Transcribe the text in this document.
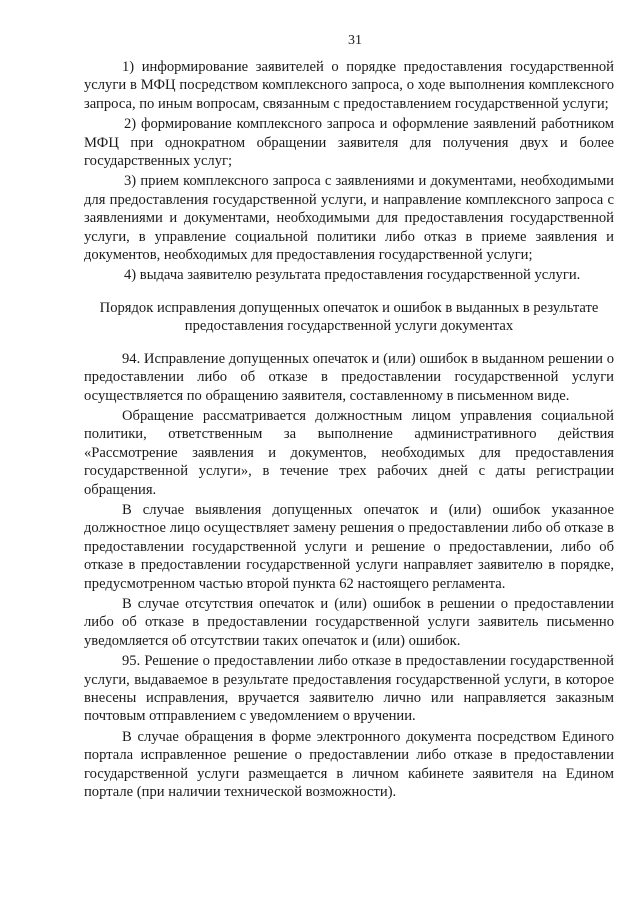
31

1) информирование заявителей о порядке предоставления государственной услуги в МФЦ посредством комплексного запроса, о ходе выполнения комплексного запроса, по иным вопросам, связанным с предоставлением государственной услуги;

2) формирование комплексного запроса и оформление заявлений работником МФЦ при однократном обращении заявителя для получения двух и более государственных услуг;

3) прием комплексного запроса с заявлениями и документами, необходимыми для предоставления государственной услуги, и направление комплексного запроса с заявлениями и документами, необходимыми для предоставления государственной услуги, в управление социальной политики либо отказ в приеме заявления и документов, необходимых для предоставления государственной услуги;

4) выдача заявителю результата предоставления государственной услуги.

Порядок исправления допущенных опечаток и ошибок в выданных в результате предоставления государственной услуги документах

94. Исправление допущенных опечаток и (или) ошибок в выданном решении о предоставлении либо об отказе в предоставлении государственной услуги осуществляется по обращению заявителя, составленному в письменном виде.

Обращение рассматривается должностным лицом управления социальной политики, ответственным за выполнение административного действия «Рассмотрение заявления и документов, необходимых для предоставления государственной услуги», в течение трех рабочих дней с даты регистрации обращения.

В случае выявления допущенных опечаток и (или) ошибок указанное должностное лицо осуществляет замену решения о предоставлении либо об отказе в предоставлении государственной услуги и решение о предоставлении, либо об отказе в предоставлении государственной услуги направляет заявителю в порядке, предусмотренном частью второй пункта 62 настоящего регламента.

В случае отсутствия опечаток и (или) ошибок в решении о предоставлении либо об отказе в предоставлении государственной услуги заявитель письменно уведомляется об отсутствии таких опечаток и (или) ошибок.

95. Решение о предоставлении либо отказе в предоставлении государственной услуги, выдаваемое в результате предоставления государственной услуги, в которое внесены исправления, вручается заявителю лично или направляется заказным почтовым отправлением с уведомлением о вручении.

В случае обращения в форме электронного документа посредством Единого портала исправленное решение о предоставлении либо отказе в предоставлении государственной услуги размещается в личном кабинете заявителя на Едином портале (при наличии технической возможности).
